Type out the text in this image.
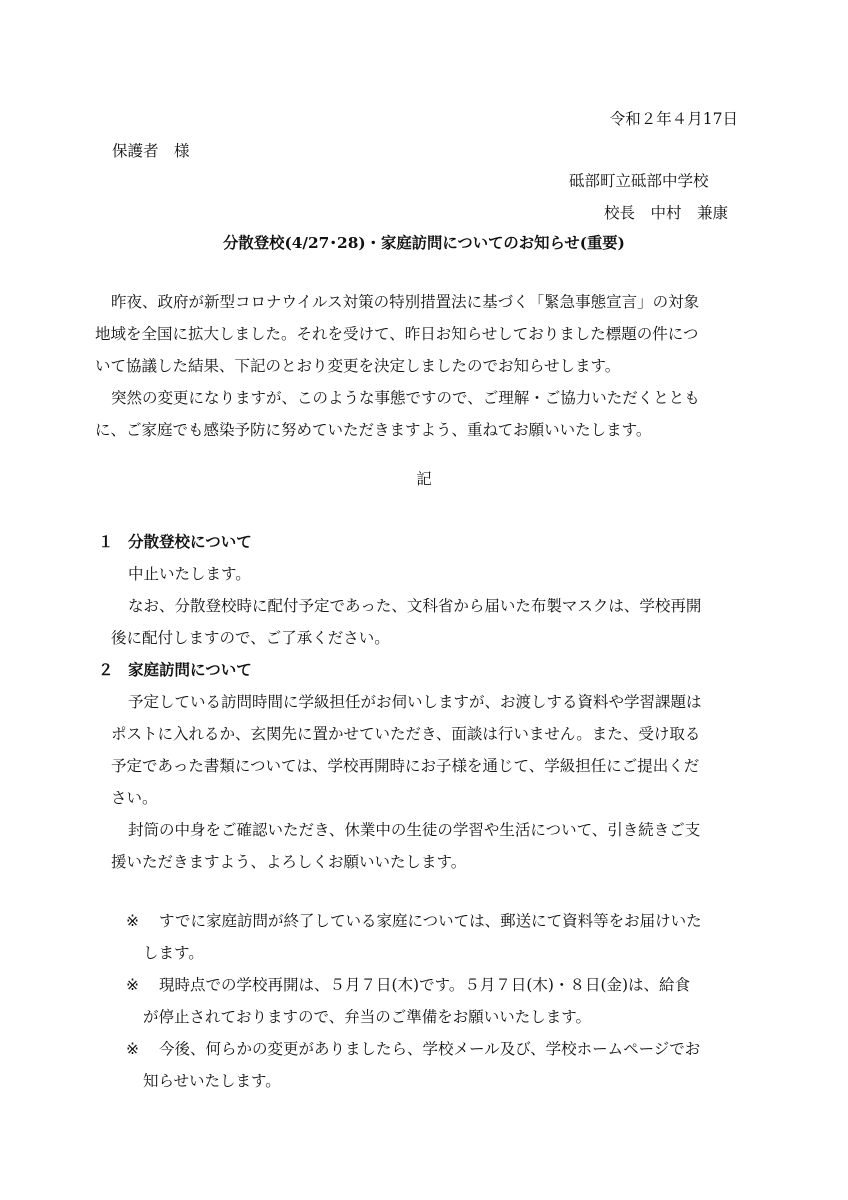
令和２年４月17日

保護者　様

砥部町立砥部中学校

校長　中村　兼康

分散登校(4/27･28)・家庭訪問についてのお知らせ(重要)

昨夜、政府が新型コロナウイルス対策の特別措置法に基づく「緊急事態宣言」の対象

地域を全国に拡大しました。それを受けて、昨日お知らせしておりました標題の件につ

いて協議した結果、下記のとおり変更を決定しましたのでお知らせします。

突然の変更になりますが、このような事態ですので、ご理解・ご協力いただくととも

に、ご家庭でも感染予防に努めていただきますよう、重ねてお願いいたします。

記

１ 分散登校について

中止いたします。

なお、分散登校時に配付予定であった、文科省から届いた布製マスクは、学校再開

後に配付しますので、ご了承ください。

２ 家庭訪問について

予定している訪問時間に学級担任がお伺いしますが、お渡しする資料や学習課題は

ポストに入れるか、玄関先に置かせていただき、面談は行いません。また、受け取る

予定であった書類については、学校再開時にお子様を通じて、学級担任にご提出くだ

さい。

封筒の中身をご確認いただき、休業中の生徒の学習や生活について、引き続きご支

援いただきますよう、よろしくお願いいたします。

※ すでに家庭訪問が終了している家庭については、郵送にて資料等をお届けいた

します。

※ 現時点での学校再開は、５月７日(木)です。５月７日(木)・８日(金)は、給食

が停止されておりますので、弁当のご準備をお願いいたします。

※ 今後、何らかの変更がありましたら、学校メール及び、学校ホームページでお

知らせいたします。
